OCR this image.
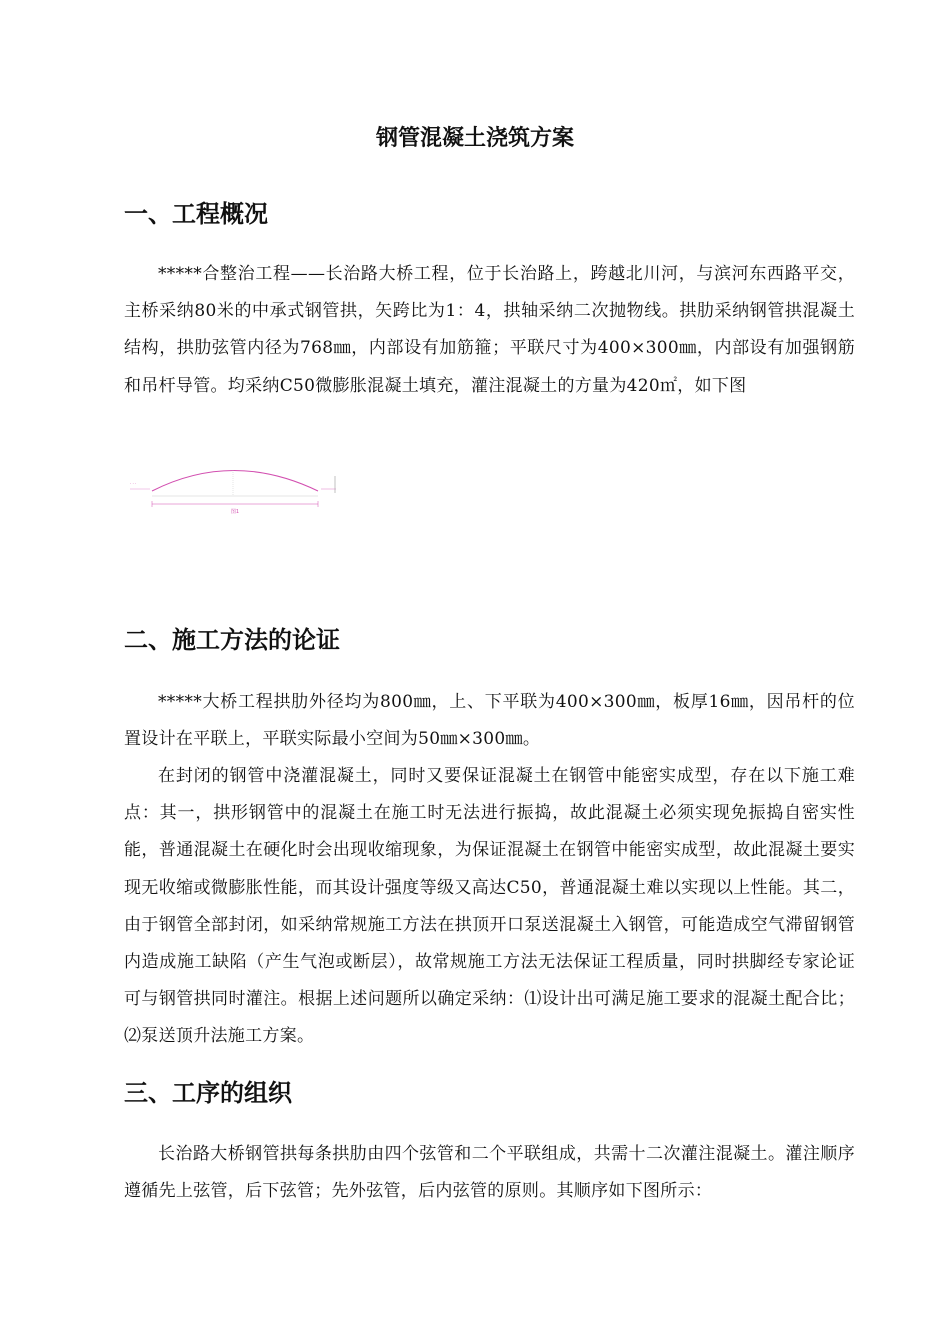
钢管混凝土浇筑方案
一、工程概况

*****合整治工程——长治路大桥工程，位于长治路上，跨越北川河，与滨河东西路平交，主桥采纳80米的中承式钢管拱，矢跨比为1：4，拱轴采纳二次抛物线。拱肋采纳钢管拱混凝土结构，拱肋弦管内径为768㎜，内部设有加筋箍；平联尺寸为400×300㎜，内部设有加强钢筋和吊杆导管。均采纳C50微膨胀混凝土填充，灌注混凝土的方量为420㎡，如下图

· · ·
图1
二、施工方法的论证

*****大桥工程拱肋外径均为800㎜，上、下平联为400×300㎜，板厚16㎜，因吊杆的位置设计在平联上，平联实际最小空间为50㎜×300㎜。

在封闭的钢管中浇灌混凝土，同时又要保证混凝土在钢管中能密实成型，存在以下施工难点：其一，拱形钢管中的混凝土在施工时无法进行振捣，故此混凝土必须实现免振捣自密实性能，普通混凝土在硬化时会出现收缩现象，为保证混凝土在钢管中能密实成型，故此混凝土要实现无收缩或微膨胀性能，而其设计强度等级又高达C50，普通混凝土难以实现以上性能。其二，由于钢管全部封闭，如采纳常规施工方法在拱顶开口泵送混凝土入钢管，可能造成空气滞留钢管内造成施工缺陷（产生气泡或断层），故常规施工方法无法保证工程质量，同时拱脚经专家论证可与钢管拱同时灌注。根据上述问题所以确定采纳：⑴设计出可满足施工要求的混凝土配合比；⑵泵送顶升法施工方案。

三、工序的组织

长治路大桥钢管拱每条拱肋由四个弦管和二个平联组成，共需十二次灌注混凝土。灌注顺序遵循先上弦管，后下弦管；先外弦管，后内弦管的原则。其顺序如下图所示：
